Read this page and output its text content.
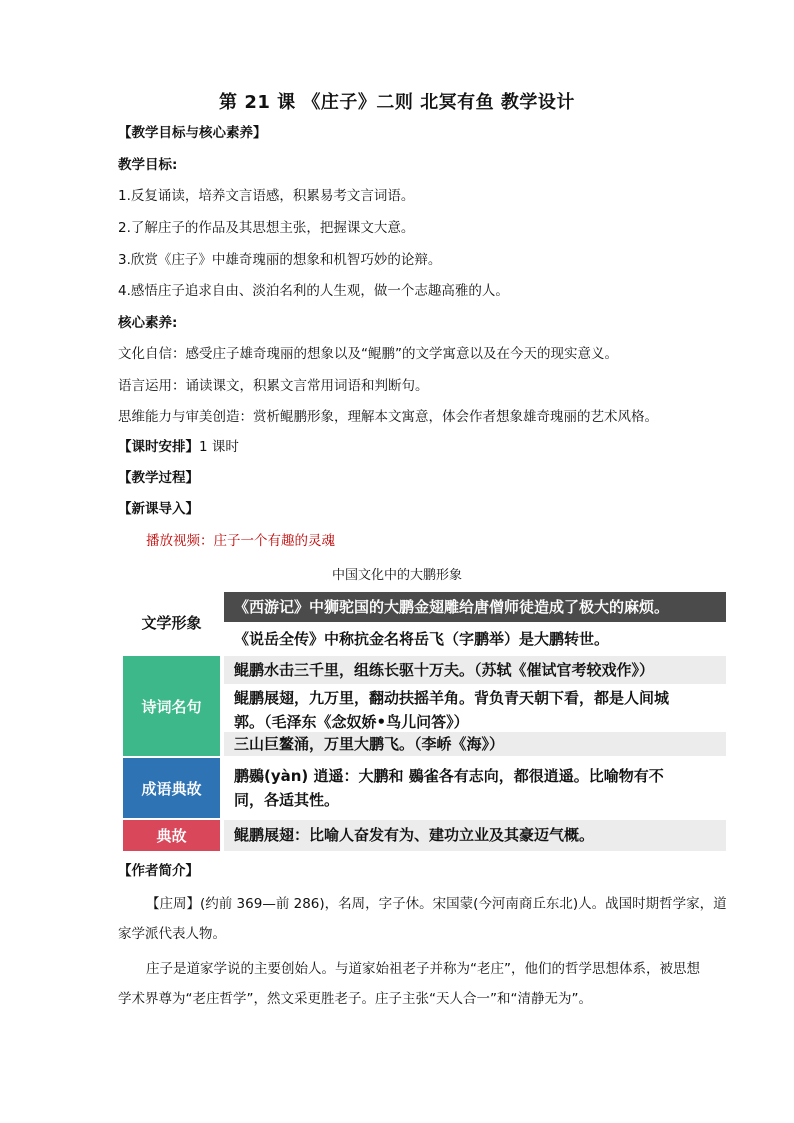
第 21 课 《庄子》二则 北冥有鱼 教学设计
【教学目标与核心素养】
教学目标:
1.反复诵读，培养文言语感，积累易考文言词语。
2.了解庄子的作品及其思想主张，把握课文大意。
3.欣赏《庄子》中雄奇瑰丽的想象和机智巧妙的论辩。
4.感悟庄子追求自由、淡泊名利的人生观，做一个志趣高雅的人。
核心素养:
文化自信：感受庄子雄奇瑰丽的想象以及“鲲鹏”的文学寓意以及在今天的现实意义。
语言运用：诵读课文，积累文言常用词语和判断句。
思维能力与审美创造：赏析鲲鹏形象，理解本文寓意，体会作者想象雄奇瑰丽的艺术风格。
【课时安排】1 课时
【教学过程】
【新课导入】
播放视频：庄子一个有趣的灵魂
中国文化中的大鹏形象
文学形象
诗词名句
成语典故
典故
《西游记》中狮驼国的大鹏金翅雕给唐僧师徒造成了极大的麻烦。
《说岳全传》中称抗金名将岳飞（字鹏举）是大鹏转世。
鲲鹏水击三千里，组练长驱十万夫。（苏轼《催试官考较戏作》）
鲲鹏展翅，九万里，翻动扶摇羊角。背负青天朝下看，都是人间城
郭。（毛泽东《念奴娇•鸟儿问答》）
三山巨鳌涌，万里大鹏飞。（李峤《海》）
鹏鷃(yàn) 逍遥：大鹏和 鷃雀各有志向，都很逍遥。比喻物有不
同，各适其性。
鲲鹏展翅：比喻人奋发有为、建功立业及其豪迈气概。
【作者简介】
【庄周】(约前 369—前 286)，名周，字子休。宋国蒙(今河南商丘东北)人。战国时期哲学家，道
家学派代表人物。
庄子是道家学说的主要创始人。与道家始祖老子并称为“老庄”，他们的哲学思想体系，被思想
学术界尊为“老庄哲学”，然文采更胜老子。庄子主张“天人合一”和“清静无为”。
